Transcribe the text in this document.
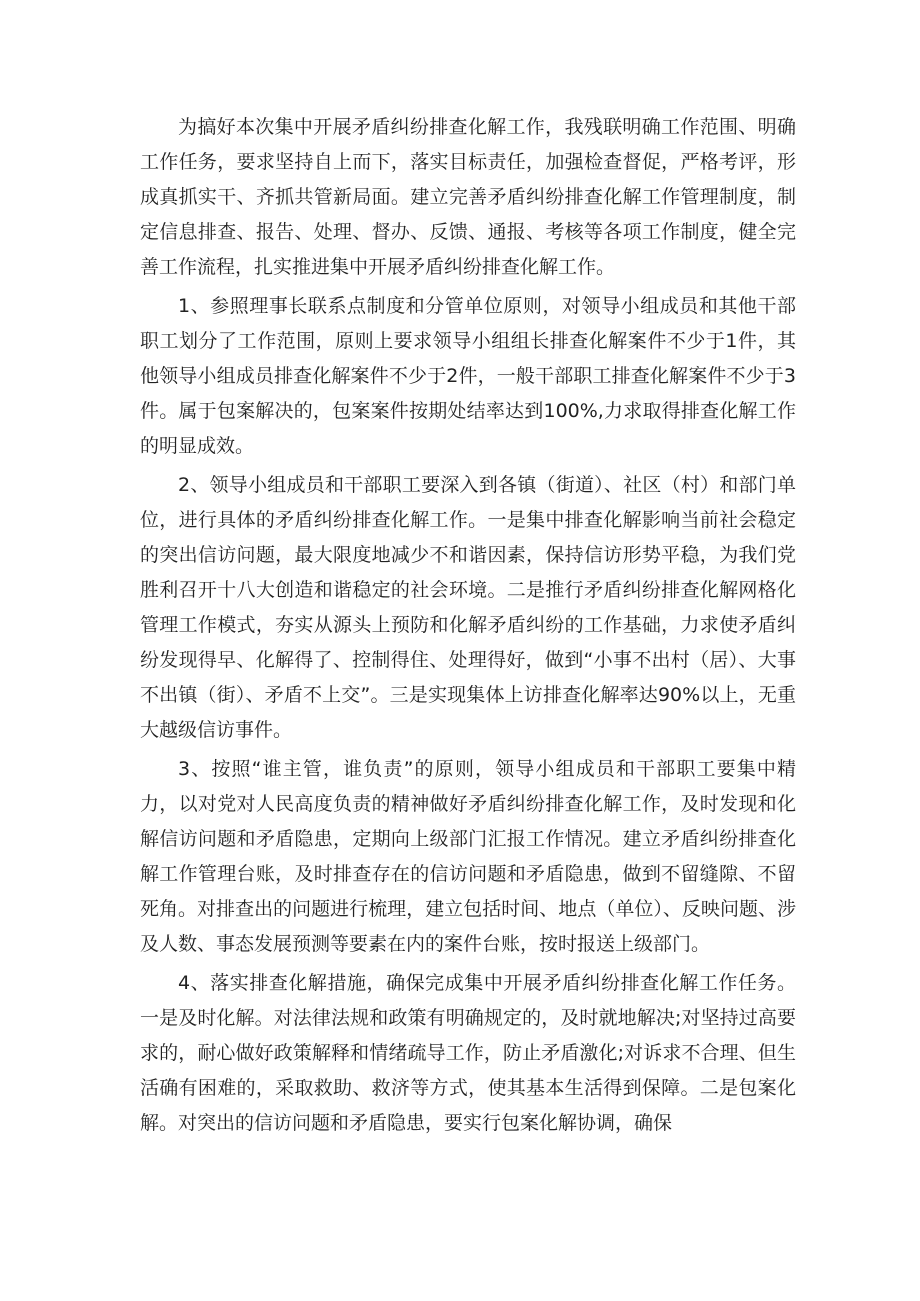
为搞好本次集中开展矛盾纠纷排查化解工作，我残联明确工作范围、明确工作任务，要求坚持自上而下，落实目标责任，加强检查督促，严格考评，形成真抓实干、齐抓共管新局面。建立完善矛盾纠纷排查化解工作管理制度，制定信息排查、报告、处理、督办、反馈、通报、考核等各项工作制度，健全完善工作流程，扎实推进集中开展矛盾纠纷排查化解工作。

1、参照理事长联系点制度和分管单位原则，对领导小组成员和其他干部职工划分了工作范围，原则上要求领导小组组长排查化解案件不少于1件，其他领导小组成员排查化解案件不少于2件，一般干部职工排查化解案件不少于3件。属于包案解决的，包案案件按期处结率达到100%,力求取得排查化解工作的明显成效。

2、领导小组成员和干部职工要深入到各镇（街道）、社区（村）和部门单位，进行具体的矛盾纠纷排查化解工作。一是集中排查化解影响当前社会稳定的突出信访问题，最大限度地减少不和谐因素，保持信访形势平稳，为我们党胜利召开十八大创造和谐稳定的社会环境。二是推行矛盾纠纷排查化解网格化管理工作模式，夯实从源头上预防和化解矛盾纠纷的工作基础，力求使矛盾纠纷发现得早、化解得了、控制得住、处理得好，做到“小事不出村（居）、大事不出镇（街）、矛盾不上交”。三是实现集体上访排查化解率达90%以上，无重大越级信访事件。

3、按照“谁主管，谁负责”的原则，领导小组成员和干部职工要集中精力，以对党对人民高度负责的精神做好矛盾纠纷排查化解工作，及时发现和化解信访问题和矛盾隐患，定期向上级部门汇报工作情况。建立矛盾纠纷排查化解工作管理台账，及时排查存在的信访问题和矛盾隐患，做到不留缝隙、不留死角。对排查出的问题进行梳理，建立包括时间、地点（单位）、反映问题、涉及人数、事态发展预测等要素在内的案件台账，按时报送上级部门。

4、落实排查化解措施，确保完成集中开展矛盾纠纷排查化解工作任务。一是及时化解。对法律法规和政策有明确规定的，及时就地解决;对坚持过高要求的，耐心做好政策解释和情绪疏导工作，防止矛盾激化;对诉求不合理、但生活确有困难的，采取救助、救济等方式，使其基本生活得到保障。二是包案化解。对突出的信访问题和矛盾隐患，要实行包案化解协调，确保
